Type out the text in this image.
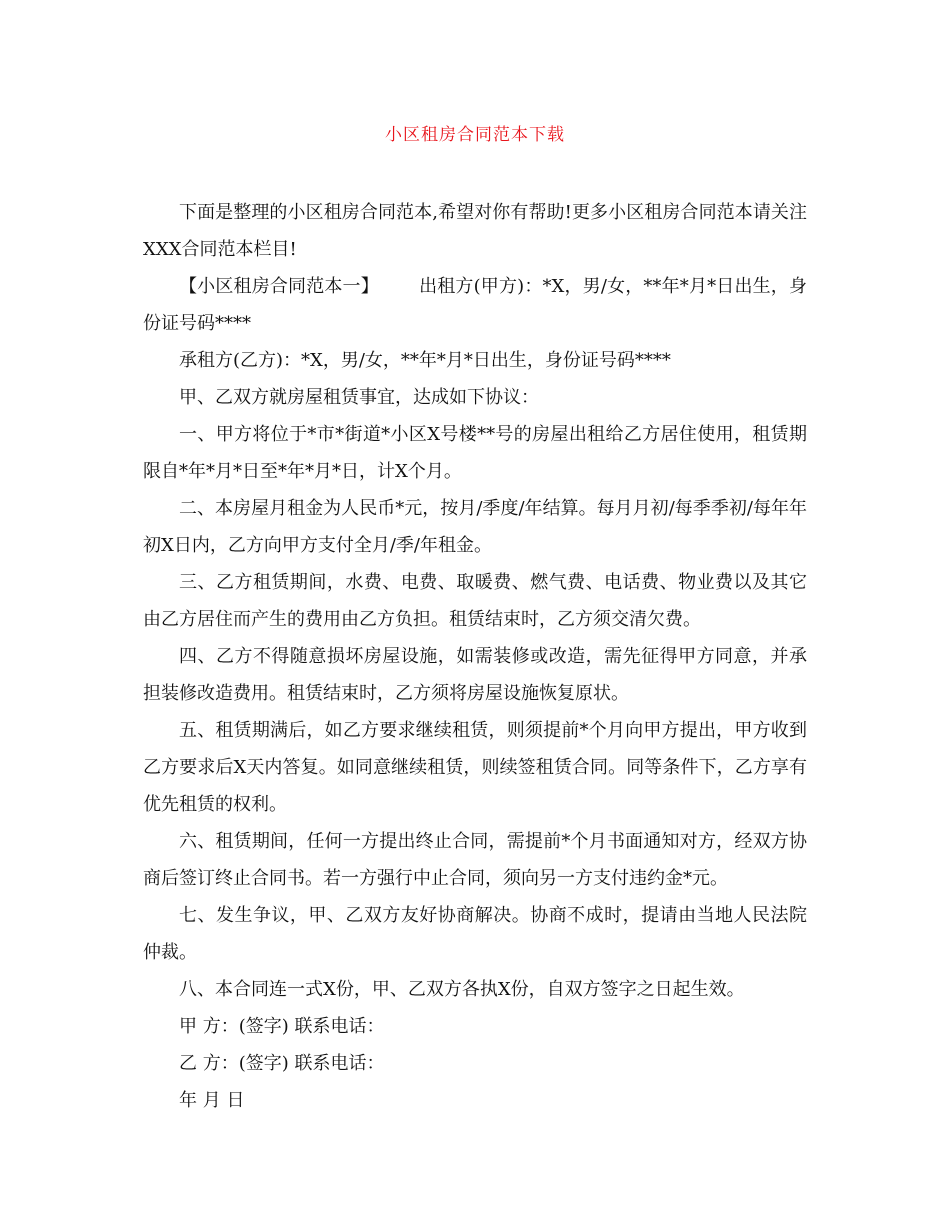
小区租房合同范本下载

下面是整理的小区租房合同范本,希望对你有帮助!更多小区租房合同范本请关注XXX合同范本栏目!

【小区租房合同范本一】 出租方(甲方)：*X，男/女，**年*月*日出生，身份证号码****

承租方(乙方)：*X，男/女，**年*月*日出生，身份证号码****

甲、乙双方就房屋租赁事宜，达成如下协议：

一、甲方将位于*市*街道*小区X号楼**号的房屋出租给乙方居住使用，租赁期限自*年*月*日至*年*月*日，计X个月。

二、本房屋月租金为人民币*元，按月/季度/年结算。每月月初/每季季初/每年年初X日内，乙方向甲方支付全月/季/年租金。

三、乙方租赁期间，水费、电费、取暖费、燃气费、电话费、物业费以及其它由乙方居住而产生的费用由乙方负担。租赁结束时，乙方须交清欠费。

四、乙方不得随意损坏房屋设施，如需装修或改造，需先征得甲方同意，并承担装修改造费用。租赁结束时，乙方须将房屋设施恢复原状。

五、租赁期满后，如乙方要求继续租赁，则须提前*个月向甲方提出，甲方收到乙方要求后X天内答复。如同意继续租赁，则续签租赁合同。同等条件下，乙方享有优先租赁的权利。

六、租赁期间，任何一方提出终止合同，需提前*个月书面通知对方，经双方协商后签订终止合同书。若一方强行中止合同，须向另一方支付违约金*元。

七、发生争议，甲、乙双方友好协商解决。协商不成时，提请由当地人民法院仲裁。

八、本合同连一式X份，甲、乙双方各执X份，自双方签字之日起生效。

甲 方：(签字) 联系电话：

乙 方：(签字) 联系电话：

年 月 日
